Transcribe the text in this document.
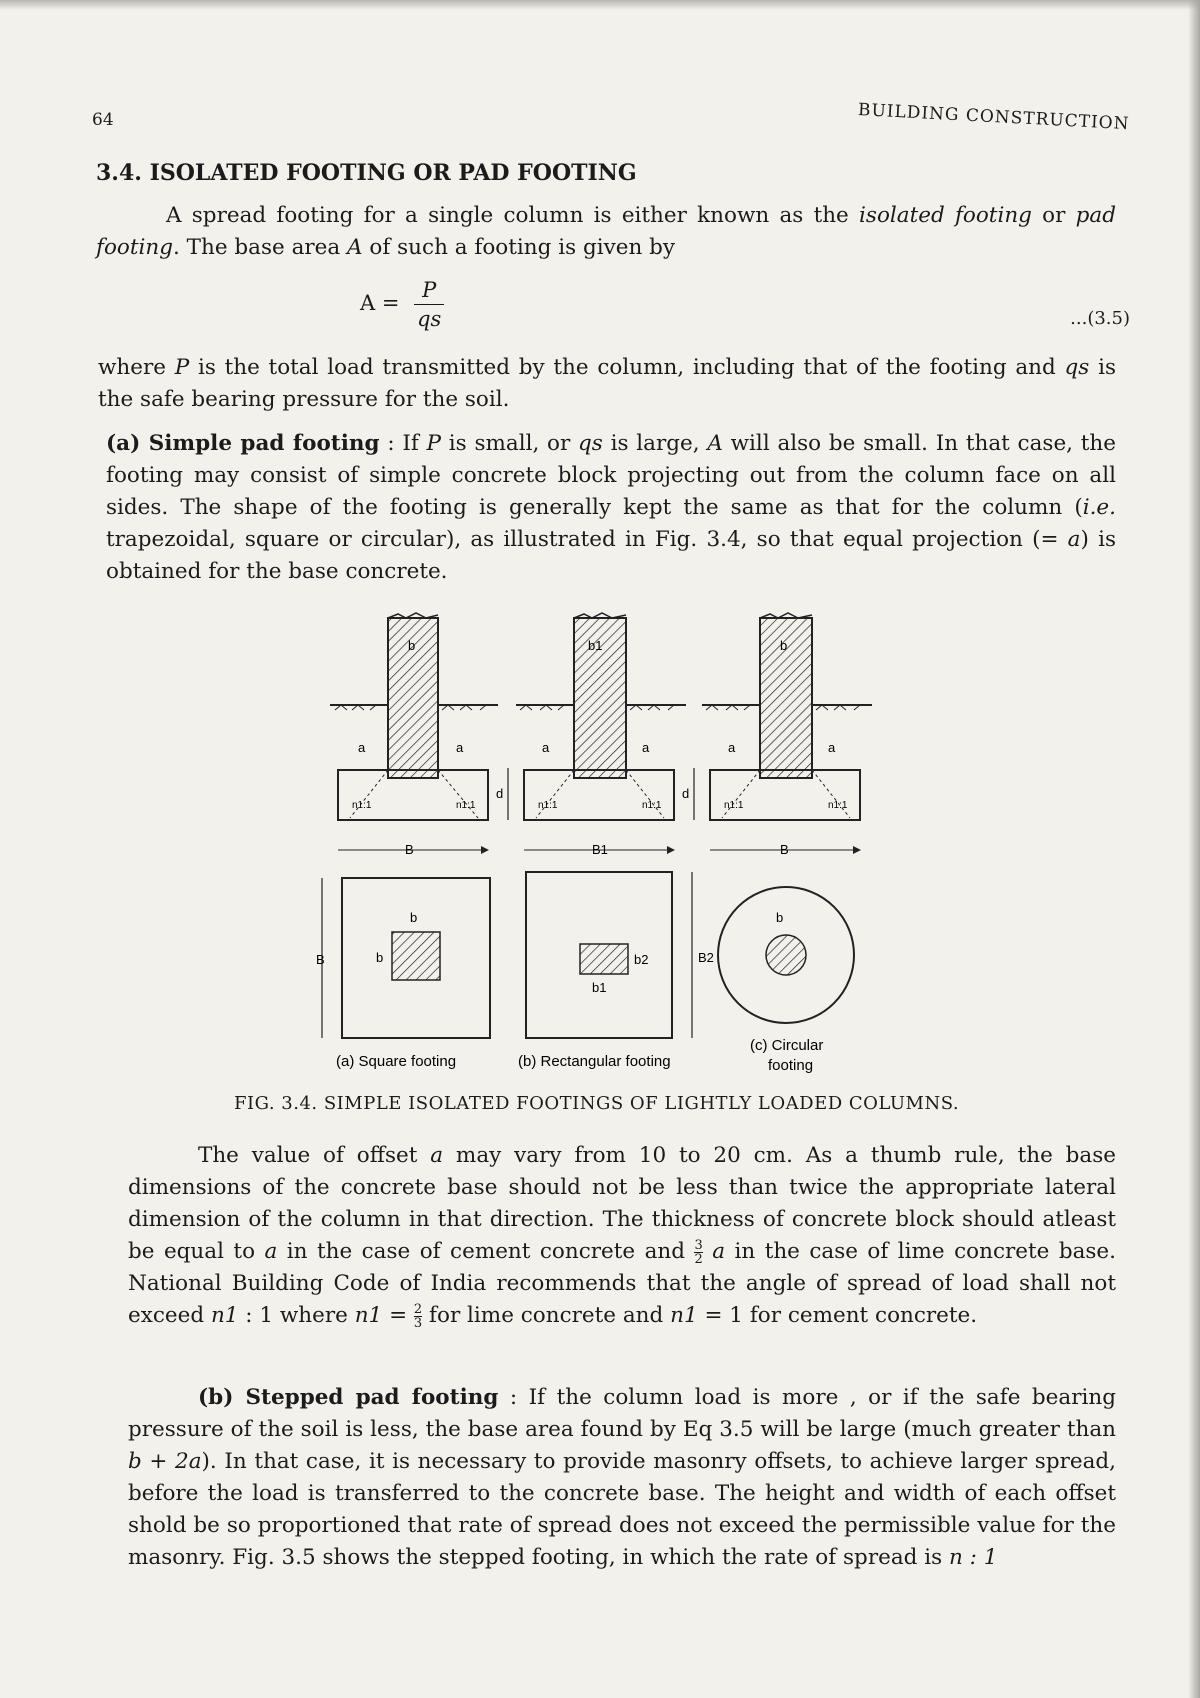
64	BUILDING CONSTRUCTION
3.4. ISOLATED FOOTING OR PAD FOOTING
A spread footing for a single column is either known as the isolated footing or pad footing. The base area A of such a footing is given by
$A = \frac{P}{qs}$	...(3.5)
where P is the total load transmitted by the column, including that of the footing and qs is the safe bearing pressure for the soil.
(a) Simple pad footing : If P is small, or qs is large, A will also be small. In that case, the footing may consist of simple concrete block projecting out from the column face on all sides. The shape of the footing is generally kept the same as that for the column (i.e. trapezoidal, square or circular), as illustrated in Fig. 3.4, so that equal projection (= a) is obtained for the base concrete.
b
a	a
B
n1:1	n1:1
d
b1
a	a
B1
n1:1	n1:1
d
b
a	a
B
n1:1	n1:1
B
b
b
(a) Square footing
B2
b2
b1
(b) Rectangular footing
b
(c) Circular
footing
FIG. 3.4. SIMPLE ISOLATED FOOTINGS OF LIGHTLY LOADED COLUMNS.
The value of offset a may vary from 10 to 20 cm. As a thumb rule, the base dimensions of the concrete base should not be less than twice the appropriate lateral dimension of the column in that direction. The thickness of concrete block should atleast be equal to a in the case of cement concrete and $\frac{3}{2}$ a in the case of lime concrete base. National Building Code of India recommends that the angle of spread of load shall not exceed n1 : 1 where $n1 = \frac{2}{3}$ for lime concrete and n1 = 1 for cement concrete.
(b) Stepped pad footing : If the column load is more , or if the safe bearing pressure of the soil is less, the base area found by Eq 3.5 will be large (much greater than b + 2a). In that case, it is necessary to provide masonry offsets, to achieve larger spread, before the load is transferred to the concrete base. The height and width of each offset shold be so proportioned that rate of spread does not exceed the permissible value for the masonry. Fig. 3.5 shows the stepped footing, in which the rate of spread is n : 1
